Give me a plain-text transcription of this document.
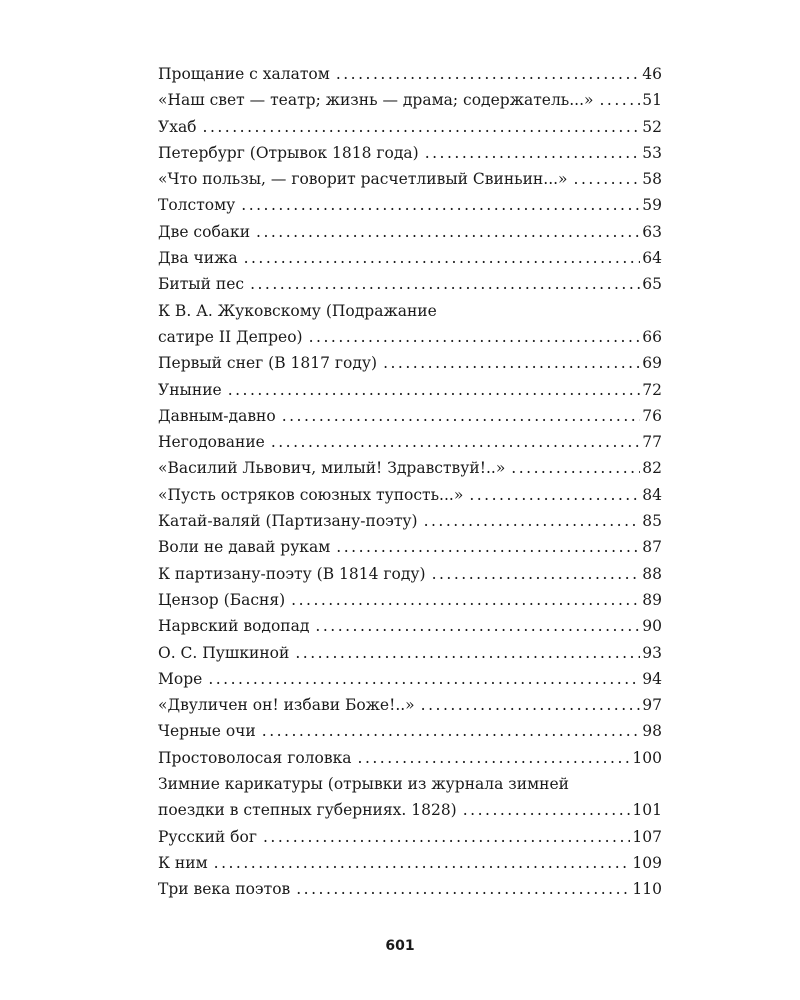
Прощание с халатом .....	46
«Наш свет — театр; жизнь — драма; содержатель...» .....	51
Ухаб .....	52
Петербург (Отрывок 1818 года) .....	53
«Что пользы, — говорит расчетливый Свиньин...» .....	58
Толстому .....	59
Две собаки .....	63
Два чижа .....	64
Битый пес .....	65
К В. А. Жуковскому (Подражание
сатире II Депрео) .....	66
Первый снег (В 1817 году) .....	69
Уныние .....	72
Давным-давно .....	76
Негодование .....	77
«Василий Львович, милый! Здравствуй!..» .....	82
«Пусть остряков союзных тупость...» .....	84
Катай-валяй (Партизану-поэту) .....	85
Воли не давай рукам .....	87
К партизану-поэту (В 1814 году) .....	88
Цензор (Басня) .....	89
Нарвский водопад .....	90
О. С. Пушкиной .....	93
Море .....	94
«Двуличен он! избави Боже!..» .....	97
Черные очи .....	98
Простоволосая головка .....	100
Зимние карикатуры (отрывки из журнала зимней
поездки в степных губерниях. 1828) .....	101
Русский бог .....	107
К ним .....	109
Три века поэтов .....	110
601
